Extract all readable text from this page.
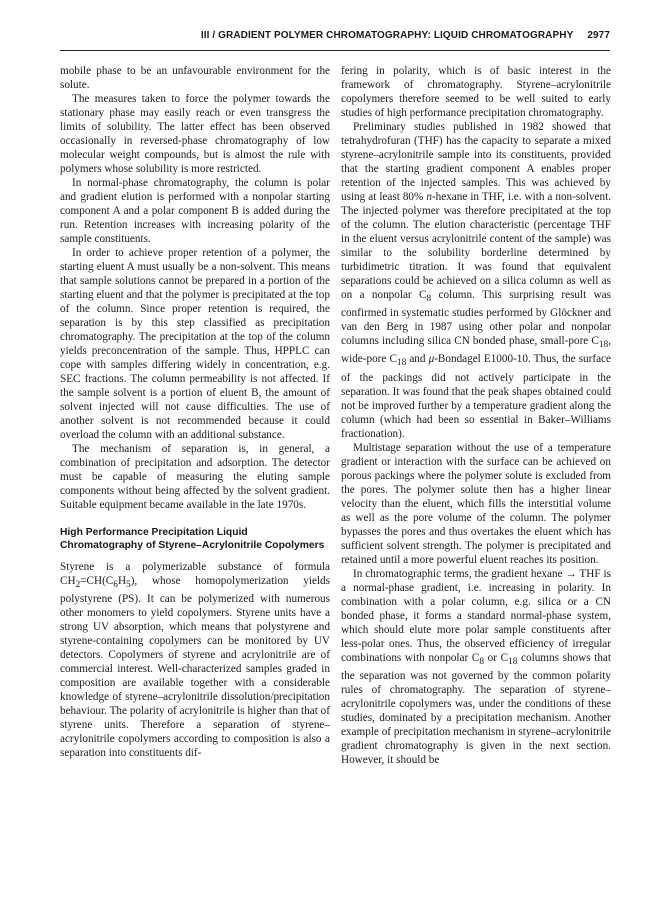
III / GRADIENT POLYMER CHROMATOGRAPHY: LIQUID CHROMATOGRAPHY 2977

mobile phase to be an unfavourable environment for the solute.

The measures taken to force the polymer towards the stationary phase may easily reach or even transgress the limits of solubility. The latter effect has been observed occasionally in reversed-phase chromatography of low molecular weight compounds, but is almost the rule with polymers whose solubility is more restricted.

In normal-phase chromatography, the column is polar and gradient elution is performed with a nonpolar starting component A and a polar component B is added during the run. Retention increases with increasing polarity of the sample constituents.

In order to achieve proper retention of a polymer, the starting eluent A must usually be a non-solvent. This means that sample solutions cannot be prepared in a portion of the starting eluent and that the polymer is precipitated at the top of the column. Since proper retention is required, the separation is by this step classified as precipitation chromatography. The precipitation at the top of the column yields preconcentration of the sample. Thus, HPPLC can cope with samples differing widely in concentration, e.g. SEC fractions. The column permeability is not affected. If the sample solvent is a portion of eluent B, the amount of solvent injected will not cause difficulties. The use of another solvent is not recommended because it could overload the column with an additional substance.

The mechanism of separation is, in general, a combination of precipitation and adsorption. The detector must be capable of measuring the eluting sample components without being affected by the solvent gradient. Suitable equipment became available in the late 1970s.

High Performance Precipitation Liquid Chromatography of Styrene–Acrylonitrile Copolymers

Styrene is a polymerizable substance of formula $CH_2=CH(C_6H_5)$, whose homopolymerization yields polystyrene (PS). It can be polymerized with numerous other monomers to yield copolymers. Styrene units have a strong UV absorption, which means that polystyrene and styrene-containing copolymers can be monitored by UV detectors. Copolymers of styrene and acrylonitrile are of commercial interest. Well-characterized samples graded in composition are available together with a considerable knowledge of styrene–acrylonitrile dissolution/precipitation behaviour. The polarity of acrylonitrile is higher than that of styrene units. Therefore a separation of styrene–acrylonitrile copolymers according to composition is also a separation into constituents dif-

fering in polarity, which is of basic interest in the framework of chromatography. Styrene–acrylonitrile copolymers therefore seemed to be well suited to early studies of high performance precipitation chromatography.

Preliminary studies published in 1982 showed that tetrahydrofuran (THF) has the capacity to separate a mixed styrene–acrylonitrile sample into its constituents, provided that the starting gradient component A enables proper retention of the injected samples. This was achieved by using at least 80% n-hexane in THF, i.e. with a non-solvent. The injected polymer was therefore precipitated at the top of the column. The elution characteristic (percentage THF in the eluent versus acrylonitrile content of the sample) was similar to the solubility borderline determined by turbidimetric titration. It was found that equivalent separations could be achieved on a silica column as well as on a nonpolar $C_8$ column. This surprising result was confirmed in systematic studies performed by Glöckner and van den Berg in 1987 using other polar and nonpolar columns including silica CN bonded phase, small-pore $C_{18}$, wide-pore $C_{18}$ and μ-Bondagel E1000-10. Thus, the surface of the packings did not actively participate in the separation. It was found that the peak shapes obtained could not be improved further by a temperature gradient along the column (which had been so essential in Baker–Williams fractionation).

Multistage separation without the use of a temperature gradient or interaction with the surface can be achieved on porous packings where the polymer solute is excluded from the pores. The polymer solute then has a higher linear velocity than the eluent, which fills the interstitial volume as well as the pore volume of the column. The polymer bypasses the pores and thus overtakes the eluent which has sufficient solvent strength. The polymer is precipitated and retained until a more powerful eluent reaches its position.

In chromatographic terms, the gradient hexane → THF is a normal-phase gradient, i.e. increasing in polarity. In combination with a polar column, e.g. silica or a CN bonded phase, it forms a standard normal-phase system, which should elute more polar sample constituents after less-polar ones. Thus, the observed efficiency of irregular combinations with nonpolar $C_8$ or $C_{18}$ columns shows that the separation was not governed by the common polarity rules of chromatography. The separation of styrene–acrylonitrile copolymers was, under the conditions of these studies, dominated by a precipitation mechanism. Another example of precipitation mechanism in styrene–acrylonitrile gradient chromatography is given in the next section. However, it should be
